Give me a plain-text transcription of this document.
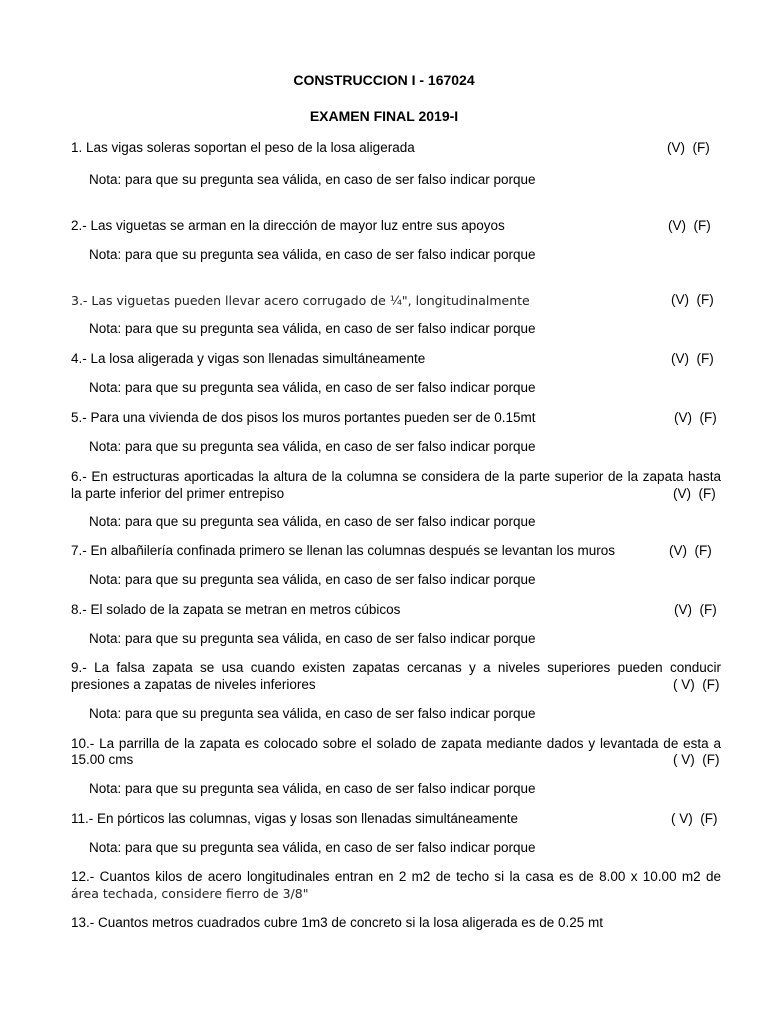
CONSTRUCCION I - 167024
EXAMEN FINAL 2019-I
1. Las vigas soleras soportan el peso de la losa aligerada	(V)  (F)
Nota: para que su pregunta sea válida, en caso de ser falso indicar porque
2.- Las viguetas se arman en la dirección de mayor luz entre sus apoyos	(V)  (F)
Nota: para que su pregunta sea válida, en caso de ser falso indicar porque
3.- Las viguetas pueden llevar acero corrugado de ¼", longitudinalmente	(V)  (F)
Nota: para que su pregunta sea válida, en caso de ser falso indicar porque
4.- La losa aligerada y vigas son llenadas simultáneamente	(V)  (F)
Nota: para que su pregunta sea válida, en caso de ser falso indicar porque
5.- Para una vivienda de dos pisos los muros portantes pueden ser de 0.15mt	(V)  (F)
Nota: para que su pregunta sea válida, en caso de ser falso indicar porque
6.- En estructuras aporticadas la altura de la columna se considera de la parte superior de la zapata hasta
la parte inferior del primer entrepiso	(V)  (F)
Nota: para que su pregunta sea válida, en caso de ser falso indicar porque
7.- En albañilería confinada primero se llenan las columnas después se levantan los muros	(V)  (F)
Nota: para que su pregunta sea válida, en caso de ser falso indicar porque
8.- El solado de la zapata se metran en metros cúbicos	(V)  (F)
Nota: para que su pregunta sea válida, en caso de ser falso indicar porque
9.- La falsa zapata se usa cuando existen zapatas cercanas y a niveles superiores pueden conducir
presiones a zapatas de niveles inferiores	( V)  (F)
Nota: para que su pregunta sea válida, en caso de ser falso indicar porque
10.- La parrilla de la zapata es colocado sobre el solado de zapata mediante dados y levantada de esta a
15.00 cms	( V)  (F)
Nota: para que su pregunta sea válida, en caso de ser falso indicar porque
11.- En pórticos las columnas, vigas y losas son llenadas simultáneamente	( V)  (F)
Nota: para que su pregunta sea válida, en caso de ser falso indicar porque
12.- Cuantos kilos de acero longitudinales entran en 2 m2 de techo si la casa es de 8.00 x 10.00 m2 de
área techada, considere fierro de 3/8"
13.- Cuantos metros cuadrados cubre 1m3 de concreto si la losa aligerada es de 0.25 mt
